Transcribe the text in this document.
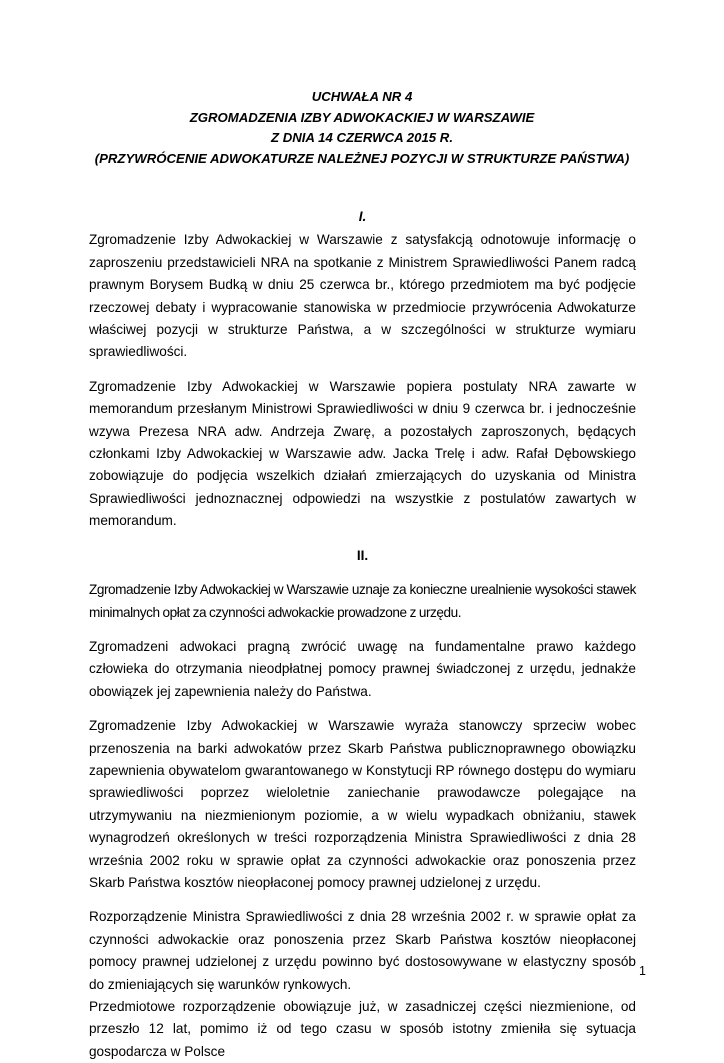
UCHWAŁA NR 4
ZGROMADZENIA IZBY ADWOKACKIEJ W WARSZAWIE
Z DNIA 14 CZERWCA 2015 R.
(PRZYWRÓCENIE ADWOKATURZE NALEŻNEJ POZYCJI W STRUKTURZE PAŃSTWA)
I.

Zgromadzenie Izby Adwokackiej w Warszawie z satysfakcją odnotowuje informację o zaproszeniu przedstawicieli NRA na spotkanie z Ministrem Sprawiedliwości Panem radcą prawnym Borysem Budką w dniu 25 czerwca br., którego przedmiotem ma być podjęcie rzeczowej debaty i wypracowanie stanowiska w przedmiocie przywrócenia Adwokaturze właściwej pozycji w strukturze Państwa, a w szczególności w strukturze wymiaru sprawiedliwości.

Zgromadzenie Izby Adwokackiej w Warszawie popiera postulaty NRA zawarte w memorandum przesłanym Ministrowi Sprawiedliwości w dniu 9 czerwca br. i jednocześnie wzywa Prezesa NRA adw. Andrzeja Zwarę, a pozostałych zaproszonych, będących członkami Izby Adwokackiej w Warszawie adw. Jacka Trelę i adw. Rafał Dębowskiego zobowiązuje do podjęcia wszelkich działań zmierzających do uzyskania od Ministra Sprawiedliwości jednoznacznej odpowiedzi na wszystkie z postulatów zawartych w memorandum.

II.

Zgromadzenie Izby Adwokackiej w Warszawie uznaje za konieczne urealnienie wysokości stawek minimalnych opłat za czynności adwokackie prowadzone z urzędu.

Zgromadzeni adwokaci pragną zwrócić uwagę na fundamentalne prawo każdego człowieka do otrzymania nieodpłatnej pomocy prawnej świadczonej z urzędu, jednakże obowiązek jej zapewnienia należy do Państwa.

Zgromadzenie Izby Adwokackiej w Warszawie wyraża stanowczy sprzeciw wobec przenoszenia na barki adwokatów przez Skarb Państwa publicznoprawnego obowiązku zapewnienia obywatelom gwarantowanego w Konstytucji RP równego dostępu do wymiaru sprawiedliwości poprzez wieloletnie zaniechanie prawodawcze polegające na utrzymywaniu na niezmienionym poziomie, a w wielu wypadkach obniżaniu, stawek wynagrodzeń określonych w treści rozporządzenia Ministra Sprawiedliwości z dnia 28 września 2002 roku w sprawie opłat za czynności adwokackie oraz ponoszenia przez Skarb Państwa kosztów nieopłaconej pomocy prawnej udzielonej z urzędu.

Rozporządzenie Ministra Sprawiedliwości z dnia 28 września 2002 r. w sprawie opłat za czynności adwokackie oraz ponoszenia przez Skarb Państwa kosztów nieopłaconej pomocy prawnej udzielonej z urzędu powinno być dostosowywane w elastyczny sposób do zmieniających się warunków rynkowych.

Przedmiotowe rozporządzenie obowiązuje już, w zasadniczej części niezmienione, od przeszło 12 lat, pomimo iż od tego czasu w sposób istotny zmieniła się sytuacja gospodarcza w Polsce

1
